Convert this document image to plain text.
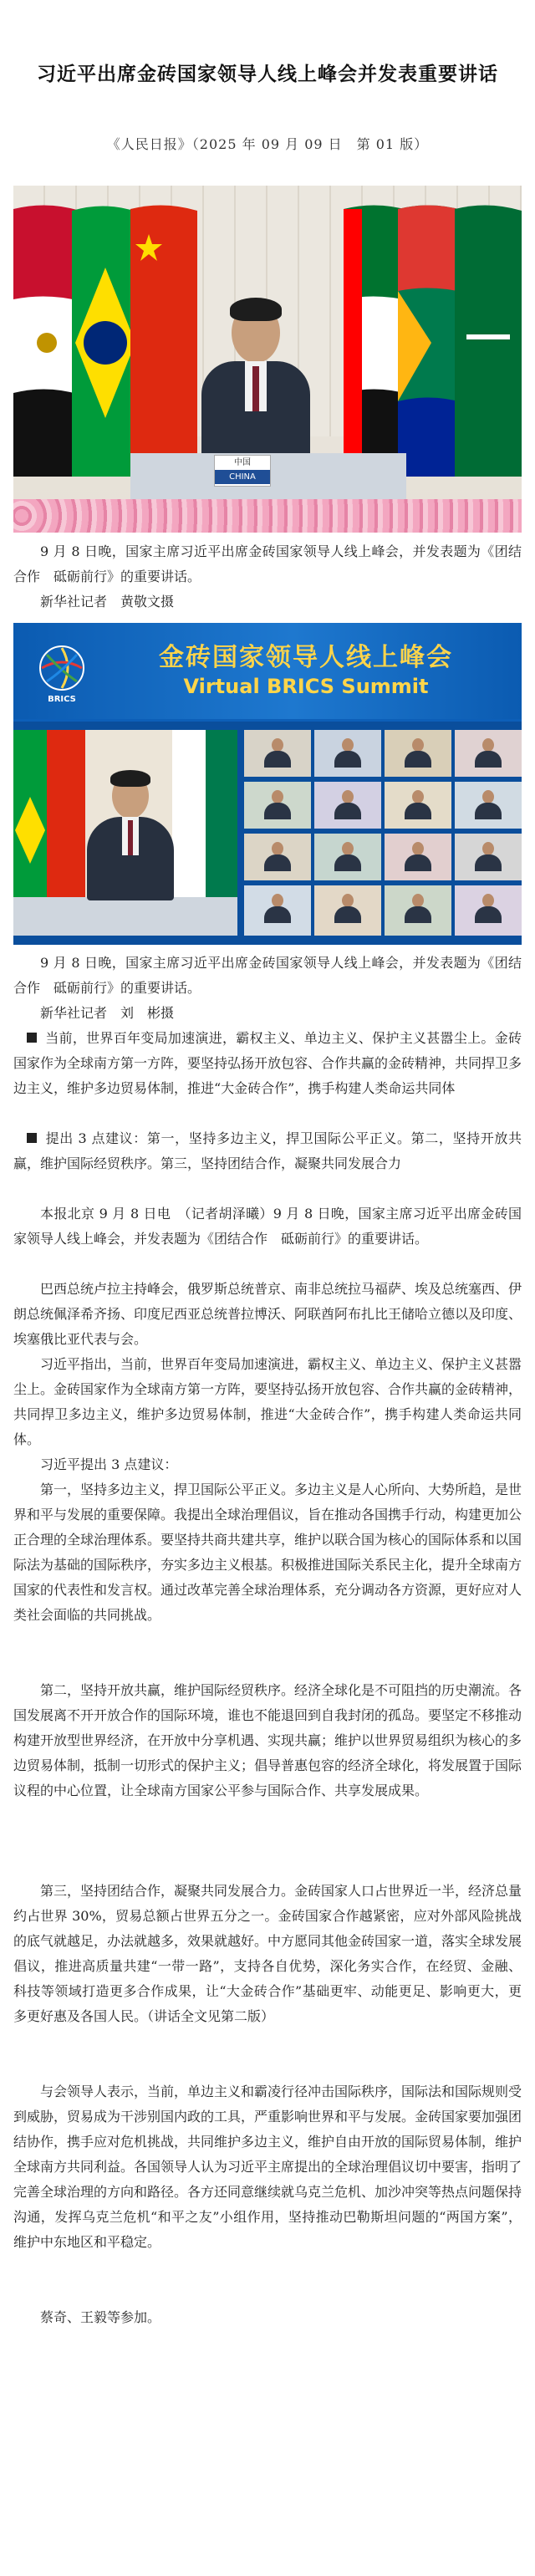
习近平出席金砖国家领导人线上峰会并发表重要讲话
《人民日报》（2025 年 09 月 09 日　第 01 版）
中国
CHINA
9 月 8 日晚，国家主席习近平出席金砖国家领导人线上峰会，并发表题为《团结合作　砥砺前行》的重要讲话。
新华社记者　黄敬文摄
BRICS
金砖国家领导人线上峰会
Virtual BRICS Summit
9 月 8 日晚，国家主席习近平出席金砖国家领导人线上峰会，并发表题为《团结合作　砥砺前行》的重要讲话。
新华社记者　刘　彬摄
当前，世界百年变局加速演进，霸权主义、单边主义、保护主义甚嚣尘上。金砖国家作为全球南方第一方阵，要坚持弘扬开放包容、合作共赢的金砖精神，共同捍卫多边主义，维护多边贸易体制，推进“大金砖合作”，携手构建人类命运共同体
提出 3 点建议：第一，坚持多边主义，捍卫国际公平正义。第二，坚持开放共赢，维护国际经贸秩序。第三，坚持团结合作，凝聚共同发展合力
本报北京 9 月 8 日电　（记者胡泽曦）9 月 8 日晚，国家主席习近平出席金砖国家领导人线上峰会，并发表题为《团结合作　砥砺前行》的重要讲话。
巴西总统卢拉主持峰会，俄罗斯总统普京、南非总统拉马福萨、埃及总统塞西、伊朗总统佩泽希齐扬、印度尼西亚总统普拉博沃、阿联酋阿布扎比王储哈立德以及印度、埃塞俄比亚代表与会。
习近平指出，当前，世界百年变局加速演进，霸权主义、单边主义、保护主义甚嚣尘上。金砖国家作为全球南方第一方阵，要坚持弘扬开放包容、合作共赢的金砖精神，共同捍卫多边主义，维护多边贸易体制，推进“大金砖合作”，携手构建人类命运共同体。
习近平提出 3 点建议：
第一，坚持多边主义，捍卫国际公平正义。多边主义是人心所向、大势所趋，是世界和平与发展的重要保障。我提出全球治理倡议，旨在推动各国携手行动，构建更加公正合理的全球治理体系。要坚持共商共建共享，维护以联合国为核心的国际体系和以国际法为基础的国际秩序，夯实多边主义根基。积极推进国际关系民主化，提升全球南方国家的代表性和发言权。通过改革完善全球治理体系，充分调动各方资源，更好应对人类社会面临的共同挑战。
第二，坚持开放共赢，维护国际经贸秩序。经济全球化是不可阻挡的历史潮流。各国发展离不开开放合作的国际环境，谁也不能退回到自我封闭的孤岛。要坚定不移推动构建开放型世界经济，在开放中分享机遇、实现共赢；维护以世界贸易组织为核心的多边贸易体制，抵制一切形式的保护主义；倡导普惠包容的经济全球化，将发展置于国际议程的中心位置，让全球南方国家公平参与国际合作、共享发展成果。
第三，坚持团结合作，凝聚共同发展合力。金砖国家人口占世界近一半，经济总量约占世界 30%，贸易总额占世界五分之一。金砖国家合作越紧密，应对外部风险挑战的底气就越足，办法就越多，效果就越好。中方愿同其他金砖国家一道，落实全球发展倡议，推进高质量共建“一带一路”，支持各自优势，深化务实合作，在经贸、金融、科技等领域打造更多合作成果，让“大金砖合作”基础更牢、动能更足、影响更大，更多更好惠及各国人民。（讲话全文见第二版）
与会领导人表示，当前，单边主义和霸凌行径冲击国际秩序，国际法和国际规则受到威胁，贸易成为干涉别国内政的工具，严重影响世界和平与发展。金砖国家要加强团结协作，携手应对危机挑战，共同维护多边主义，维护自由开放的国际贸易体制，维护全球南方共同利益。各国领导人认为习近平主席提出的全球治理倡议切中要害，指明了完善全球治理的方向和路径。各方还同意继续就乌克兰危机、加沙冲突等热点问题保持沟通，发挥乌克兰危机“和平之友”小组作用，坚持推动巴勒斯坦问题的“两国方案”，维护中东地区和平稳定。
蔡奇、王毅等参加。
